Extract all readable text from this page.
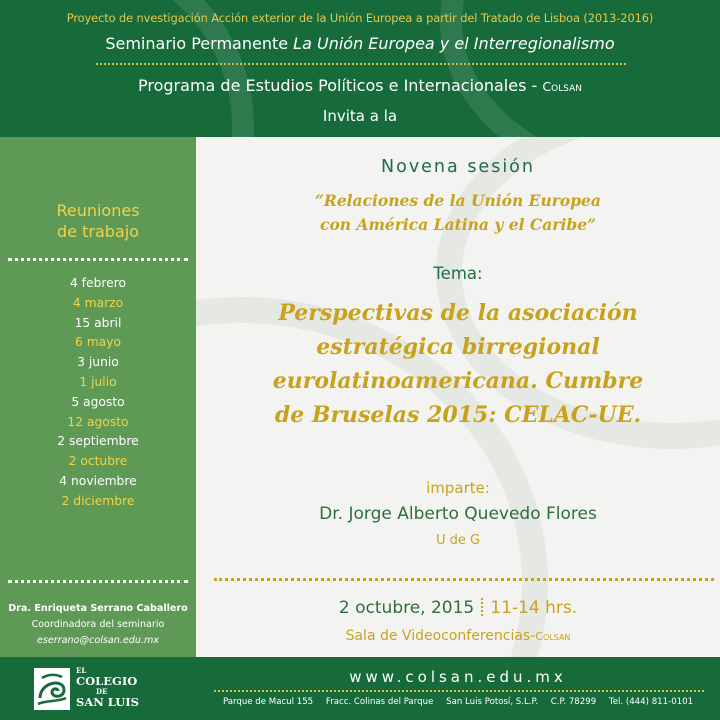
Proyecto de nvestigación Acción exterior de la Unión Europea a partir del Tratado de Lisboa (2013-2016)
Seminario Permanente La Unión Europea y el Interregionalismo
Programa de Estudios Políticos e Internacionales - Colsan
Invita a la
Reuniones
de trabajo
4 febrero
4 marzo
15 abril
6 mayo
3 junio
1 julio
5 agosto
12 agosto
2 septiembre
2 octubre
4 noviembre
2 diciembre
Dra. Enriqueta Serrano Caballero
Coordinadora del seminario
eserrano@colsan.edu.mx
Novena sesión
“Relaciones de la Unión Europea
con América Latina y el Caribe”
Tema:
Perspectivas de la asociación
estratégica birregional
eurolatinoamericana. Cumbre
de Bruselas 2015: CELAC-UE.
imparte:
Dr. Jorge Alberto Quevedo Flores
U de G
2 octubre, 2015 11-14 hrs.
Sala de Videoconferencias-Colsan
EL
COLEGIO
DE
SAN LUIS
www.colsan.edu.mx
Parque de Macul 155 Fracc. Colinas del Parque San Luis Potosí, S.L.P. C.P. 78299 Tel. (444) 811-0101
